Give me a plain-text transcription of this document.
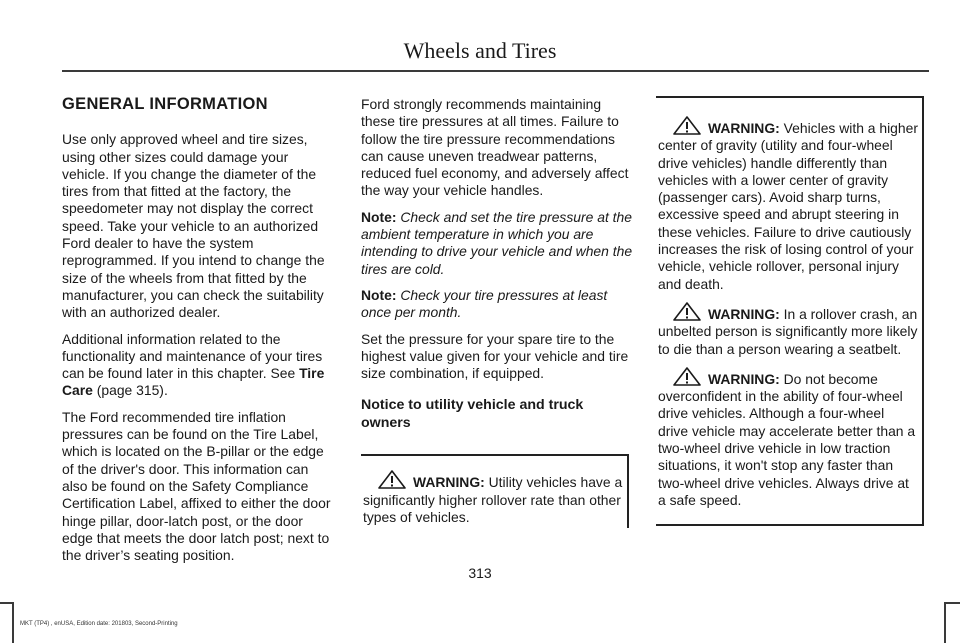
Wheels and Tires
GENERAL INFORMATION

Use only approved wheel and tire sizes, using other sizes could damage your vehicle. If you change the diameter of the tires from that fitted at the factory, the speedometer may not display the correct speed. Take your vehicle to an authorized Ford dealer to have the system reprogrammed. If you intend to change the size of the wheels from that fitted by the manufacturer, you can check the suitability with an authorized dealer.

Additional information related to the functionality and maintenance of your tires can be found later in this chapter. See Tire Care (page 315).

The Ford recommended tire inflation pressures can be found on the Tire Label, which is located on the B-pillar or the edge of the driver's door. This information can also be found on the Safety Compliance Certification Label, affixed to either the door hinge pillar, door-latch post, or the door edge that meets the door latch post; next to the driver’s seating position.

Ford strongly recommends maintaining these tire pressures at all times. Failure to follow the tire pressure recommendations can cause uneven treadwear patterns, reduced fuel economy, and adversely affect the way your vehicle handles.

Note: Check and set the tire pressure at the ambient temperature in which you are intending to drive your vehicle and when the tires are cold.

Note: Check your tire pressures at least once per month.

Set the pressure for your spare tire to the highest value given for your vehicle and tire size combination, if equipped.

Notice to utility vehicle and truck owners

WARNING: Utility vehicles have a significantly higher rollover rate than other types of vehicles.

WARNING: Vehicles with a higher center of gravity (utility and four-wheel drive vehicles) handle differently than vehicles with a lower center of gravity (passenger cars). Avoid sharp turns, excessive speed and abrupt steering in these vehicles. Failure to drive cautiously increases the risk of losing control of your vehicle, vehicle rollover, personal injury and death.

WARNING: In a rollover crash, an unbelted person is significantly more likely to die than a person wearing a seatbelt.

WARNING: Do not become overconfident in the ability of four-wheel drive vehicles. Although a four-wheel drive vehicle may accelerate better than a two-wheel drive vehicle in low traction situations, it won't stop any faster than two-wheel drive vehicles. Always drive at a safe speed.

313
MKT (TP4) , enUSA, Edition date: 201803, Second-Printing
